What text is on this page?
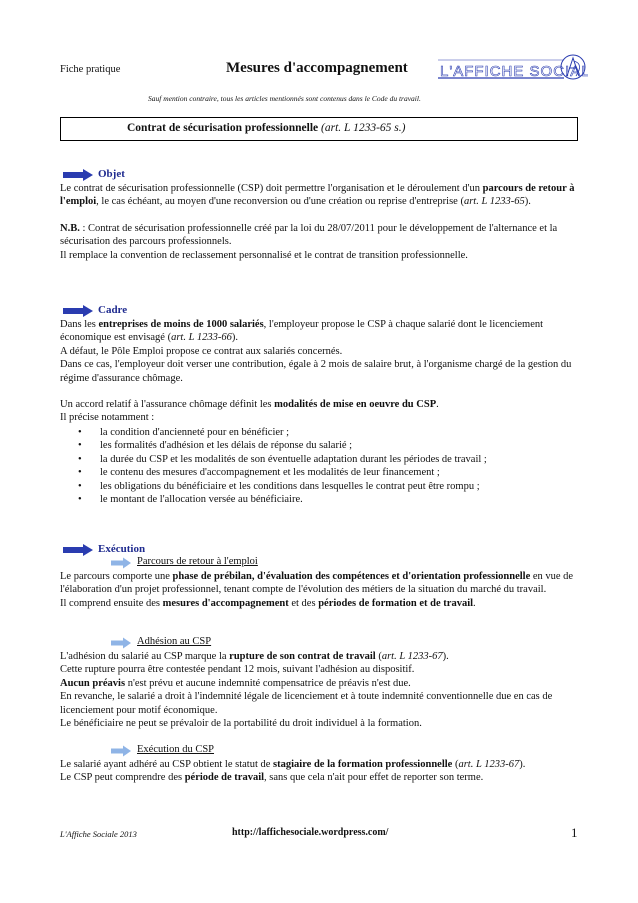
Fiche pratique	Mesures d'accompagnement L'AFFICHE SOCIALE
Sauf mention contraire, tous les articles mentionnés sont contenus dans le Code du travail.
Contrat de sécurisation professionnelle (art. L 1233-65 s.)
Objet

Le contrat de sécurisation professionnelle (CSP) doit permettre l'organisation et le déroulement d'un parcours de retour à l'emploi, le cas échéant, au moyen d'une reconversion ou d'une création ou reprise d'entreprise (art. L 1233-65).

N.B. : Contrat de sécurisation professionnelle créé par la loi du 28/07/2011 pour le développement de l'alternance et la sécurisation des parcours professionnels.

Il remplace la convention de reclassement personnalisé et le contrat de transition professionnelle.

Cadre

Dans les entreprises de moins de 1000 salariés, l'employeur propose le CSP à chaque salarié dont le licenciement économique est envisagé (art. L 1233-66).

A défaut, le Pôle Emploi propose ce contrat aux salariés concernés.

Dans ce cas, l'employeur doit verser une contribution, égale à 2 mois de salaire brut, à l'organisme chargé de la gestion du régime d'assurance chômage.

Un accord relatif à l'assurance chômage définit les modalités de mise en oeuvre du CSP.

Il précise notamment :

• la condition d'ancienneté pour en bénéficier ;
• les formalités d'adhésion et les délais de réponse du salarié ;
• la durée du CSP et les modalités de son éventuelle adaptation durant les périodes de travail ;
• le contenu des mesures d'accompagnement et les modalités de leur financement ;
• les obligations du bénéficiaire et les conditions dans lesquelles le contrat peut être rompu ;
• le montant de l'allocation versée au bénéficiaire.
Exécution
Parcours de retour à l'emploi

Le parcours comporte une phase de prébilan, d'évaluation des compétences et d'orientation professionnelle en vue de l'élaboration d'un projet professionnel, tenant compte de l'évolution des métiers de la situation du marché du travail.

Il comprend ensuite des mesures d'accompagnement et des périodes de formation et de travail.

Adhésion au CSP

L'adhésion du salarié au CSP marque la rupture de son contrat de travail (art. L 1233-67).

Cette rupture pourra être contestée pendant 12 mois, suivant l'adhésion au dispositif.

Aucun préavis n'est prévu et aucune indemnité compensatrice de préavis n'est due.

En revanche, le salarié a droit à l'indemnité légale de licenciement et à toute indemnité conventionnelle due en cas de licenciement pour motif économique.

Le bénéficiaire ne peut se prévaloir de la portabilité du droit individuel à la formation.

Exécution du CSP

Le salarié ayant adhéré au CSP obtient le statut de stagiaire de la formation professionnelle (art. L 1233-67).

Le CSP peut comprendre des période de travail, sans que cela n'ait pour effet de reporter son terme.

L'Affiche Sociale 2013	http://laffichesociale.wordpress.com/	1
